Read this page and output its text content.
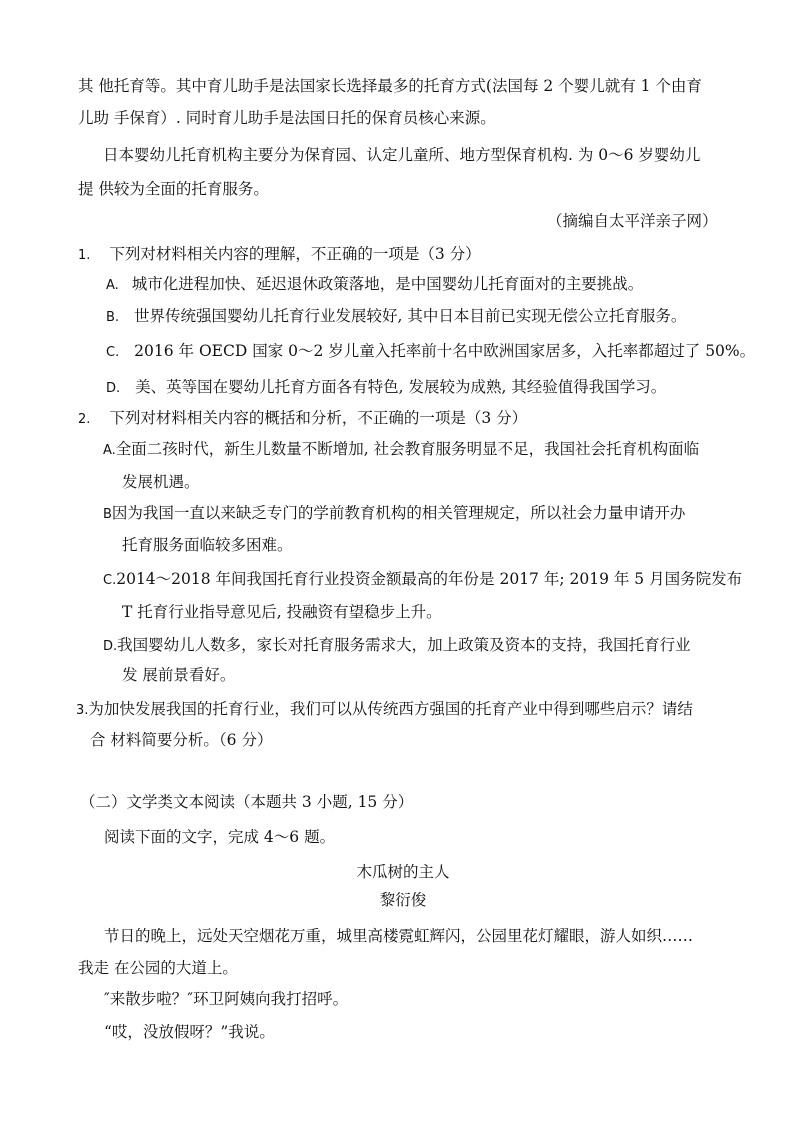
其 他托育等。其中育儿助手是法国家长选择最多的托育方式(法国每 2 个婴儿就有 1 个由育
儿助 手保育）. 同时育儿助手是法国日托的保育员核心来源。
日本婴幼儿托育机构主要分为保育园、认定儿童所、地方型保育机构. 为 0～6 岁婴幼儿
提 供较为全面的托育服务。
（摘编自太平洋亲子网）
1. 下列对材料相关内容的理解，不正确的一项是（3 分）
A. 城市化进程加快、延迟退休政策落地，是中国婴幼儿托育面对的主要挑战。
B. 世界传统强国婴幼儿托育行业发展较好, 其中日本目前已实现无偿公立托育服务。
C. 2016 年 OECD 国家 0～2 岁儿童入托率前十名中欧洲国家居多，入托率都超过了 50%。
D. 美、英等国在婴幼儿托育方面各有特色, 发展较为成熟, 其经验值得我国学习。
2. 下列对材料相关内容的概括和分析，不正确的一项是（3 分）
A.全面二孩时代，新生儿数量不断增加, 社会教育服务明显不足，我国社会托育机构面临
发展机遇。
B因为我国一直以来缺乏专门的学前教育机构的相关管理规定，所以社会力量申请开办
托育服务面临较多困难。
C.2014～2018 年间我国托育行业投资金额最高的年份是 2017 年; 2019 年 5 月国务院发布
T 托育行业指导意见后, 投融资有望稳步上升。
D.我国婴幼儿人数多，家长对托育服务需求大，加上政策及资本的支持，我国托育行业
发 展前景看好。
3.为加快发展我国的托育行业，我们可以从传统西方强国的托育产业中得到哪些启示？请结
合 材料简要分析。（6 分）
（二）文学类文本阅读（本题共 3 小题, 15 分）
阅读下面的文字，完成 4～6 题。
木瓜树的主人
黎衍俊
节日的晚上，远处天空烟花万重，城里高楼霓虹辉闪，公园里花灯耀眼，游人如织……
我走 在公园的大道上。
″来散步啦？″环卫阿姨向我打招呼。
“哎，没放假呀？”我说。
